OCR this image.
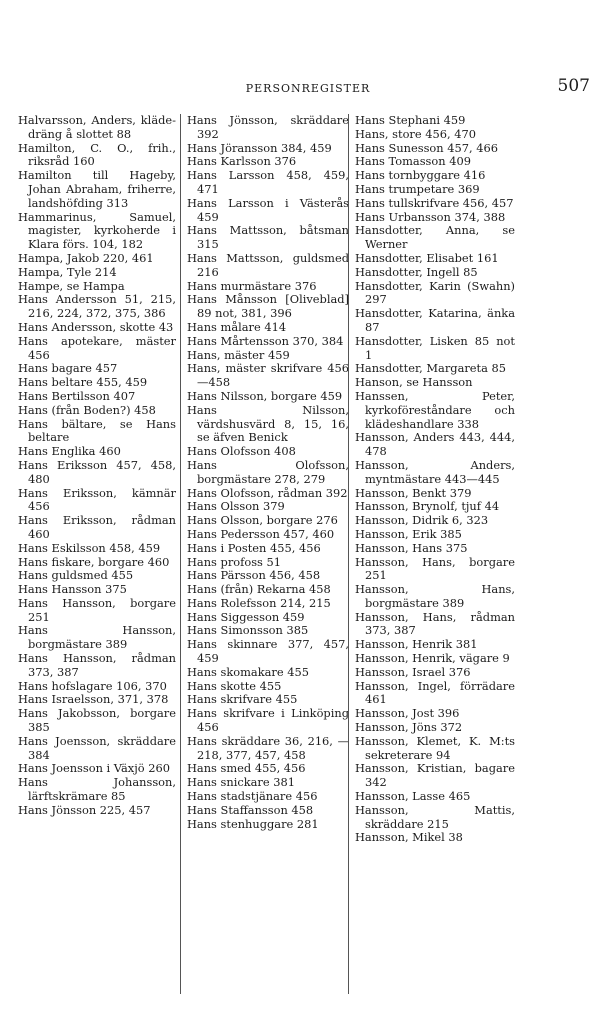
PERSONREGISTER	507
Halvarsson, Anders, kläde-dräng å slottet 88
Hamilton, C. O., frih., riksråd 160
Hamilton till Hageby, Johan Abraham, friherre, landshöfding 313
Hammarinus, Samuel, magister, kyrkoherde i Klara förs. 104, 182
Hampa, Jakob 220, 461
Hampa, Tyle 214
Hampe, se Hampa
Hans Andersson 51, 215, 216, 224, 372, 375, 386
Hans Andersson, skotte 43
Hans apotekare, mäster 456
Hans bagare 457
Hans beltare 455, 459
Hans Bertilsson 407
Hans (från Boden?) 458
Hans bältare, se Hans beltare
Hans Englika 460
Hans Eriksson 457, 458, 480
Hans Eriksson, kämnär 456
Hans Eriksson, rådman 460
Hans Eskilsson 458, 459
Hans fiskare, borgare 460
Hans guldsmed 455
Hans Hansson 375
Hans Hansson, borgare 251
Hans Hansson, borgmästare 389
Hans Hansson, rådman 373, 387
Hans hofslagare 106, 370
Hans Israelsson, 371, 378
Hans Jakobsson, borgare 385
Hans Joensson, skräddare 384
Hans Joensson i Växjö 260
Hans Johansson, lärftskrämare 85
Hans Jönsson 225, 457
Hans Jönsson, skräddare 392
Hans Jöransson 384, 459
Hans Karlsson 376
Hans Larsson 458, 459, 471
Hans Larsson i Västerås 459
Hans Mattsson, båtsman 315
Hans Mattsson, guldsmed 216
Hans murmästare 376
Hans Månsson [Oliveblad] 89 not, 381, 396
Hans målare 414
Hans Mårtensson 370, 384
Hans, mäster 459
Hans, mäster skrifvare 456—458
Hans Nilsson, borgare 459
Hans Nilsson, värdshusvärd 8, 15, 16, se äfven Benick
Hans Olofsson 408
Hans Olofsson, borgmästare 278, 279
Hans Olofsson, rådman 392
Hans Olsson 379
Hans Olsson, borgare 276
Hans Pedersson 457, 460
Hans i Posten 455, 456
Hans profoss 51
Hans Pärsson 456, 458
Hans (från) Rekarna 458
Hans Rolefsson 214, 215
Hans Siggesson 459
Hans Simonsson 385
Hans skinnare 377, 457, 459
Hans skomakare 455
Hans skotte 455
Hans skrifvare 455
Hans skrifvare i Linköping 456
Hans skräddare 36, 216, —218, 377, 457, 458
Hans smed 455, 456
Hans snickare 381
Hans stadstjänare 456
Hans Staffansson 458
Hans stenhuggare 281
Hans Stephani 459
Hans, store 456, 470
Hans Sunesson 457, 466
Hans Tomasson 409
Hans tornbyggare 416
Hans trumpetare 369
Hans tullskrifvare 456, 457
Hans Urbansson 374, 388
Hansdotter, Anna, se Werner
Hansdotter, Elisabet 161
Hansdotter, Ingell 85
Hansdotter, Karin (Swahn) 297
Hansdotter, Katarina, änka 87
Hansdotter, Lisken 85 not 1
Hansdotter, Margareta 85
Hanson, se Hansson
Hanssen, Peter, kyrkoföreståndare och klädeshandlare 338
Hansson, Anders 443, 444, 478
Hansson, Anders, myntmästare 443—445
Hansson, Benkt 379
Hansson, Brynolf, tjuf 44
Hansson, Didrik 6, 323
Hansson, Erik 385
Hansson, Hans 375
Hansson, Hans, borgare 251
Hansson, Hans, borgmästare 389
Hansson, Hans, rådman 373, 387
Hansson, Henrik 381
Hansson, Henrik, vägare 9
Hansson, Israel 376
Hansson, Ingel, förrädare 461
Hansson, Jost 396
Hansson, Jöns 372
Hansson, Klemet, K. M:ts sekreterare 94
Hansson, Kristian, bagare 342
Hansson, Lasse 465
Hansson, Mattis, skräddare 215
Hansson, Mikel 38
